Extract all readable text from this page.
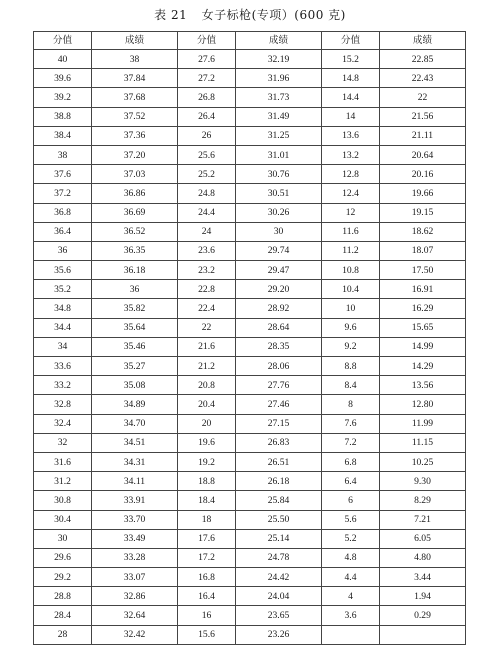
表 21 女子标枪(专项）(600 克)
分值	成绩	分值	成绩	分值	成绩
40	38	27.6	32.19	15.2	22.85
39.6	37.84	27.2	31.96	14.8	22.43
39.2	37.68	26.8	31.73	14.4	22
38.8	37.52	26.4	31.49	14	21.56
38.4	37.36	26	31.25	13.6	21.11
38	37.20	25.6	31.01	13.2	20.64
37.6	37.03	25.2	30.76	12.8	20.16
37.2	36.86	24.8	30.51	12.4	19.66
36.8	36.69	24.4	30.26	12	19.15
36.4	36.52	24	30	11.6	18.62
36	36.35	23.6	29.74	11.2	18.07
35.6	36.18	23.2	29.47	10.8	17.50
35.2	36	22.8	29.20	10.4	16.91
34.8	35.82	22.4	28.92	10	16.29
34.4	35.64	22	28.64	9.6	15.65
34	35.46	21.6	28.35	9.2	14.99
33.6	35.27	21.2	28.06	8.8	14.29
33.2	35.08	20.8	27.76	8.4	13.56
32.8	34.89	20.4	27.46	8	12.80
32.4	34.70	20	27.15	7.6	11.99
32	34.51	19.6	26.83	7.2	11.15
31.6	34.31	19.2	26.51	6.8	10.25
31.2	34.11	18.8	26.18	6.4	9.30
30.8	33.91	18.4	25.84	6	8.29
30.4	33.70	18	25.50	5.6	7.21
30	33.49	17.6	25.14	5.2	6.05
29.6	33.28	17.2	24.78	4.8	4.80
29.2	33.07	16.8	24.42	4.4	3.44
28.8	32.86	16.4	24.04	4	1.94
28.4	32.64	16	23.65	3.6	0.29
28	32.42	15.6	23.26		
